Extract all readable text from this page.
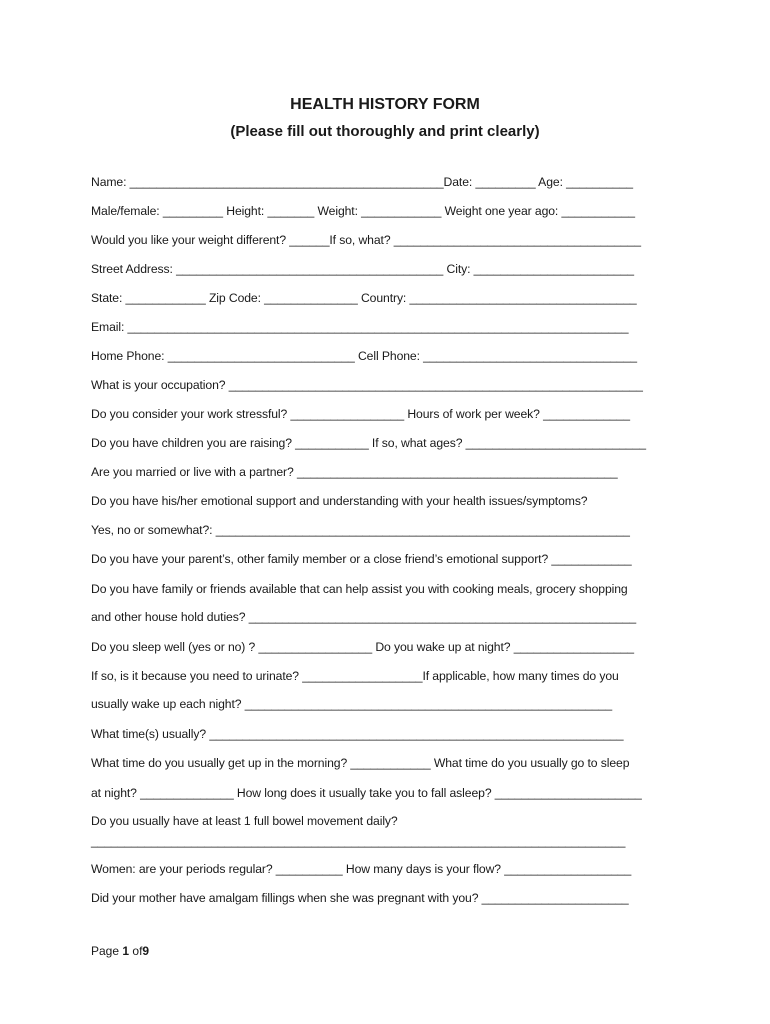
HEALTH HISTORY FORM
(Please fill out thoroughly and print clearly)
Name: _______________________________________________Date: _________ Age: __________
Male/female: _________ Height: _______ Weight: ____________ Weight one year ago: ___________
Would you like your weight different? ______If so, what? _____________________________________
Street Address: ________________________________________ City: ________________________
State: ____________ Zip Code: ______________ Country: __________________________________
Email: ___________________________________________________________________________
Home Phone: ____________________________ Cell Phone: ________________________________
What is your occupation? ______________________________________________________________
Do you consider your work stressful? _________________ Hours of work per week? _____________
Do you have children you are raising? ___________ If so, what ages? ___________________________
Are you married or live with a partner? ________________________________________________
Do you have his/her emotional support and understanding with your health issues/symptoms?
Yes, no or somewhat?: ______________________________________________________________
Do you have your parent’s, other family member or a close friend’s emotional support? ____________
Do you have family or friends available that can help assist you with cooking meals, grocery shopping
and other house hold duties? __________________________________________________________
Do you sleep well (yes or no) ? _________________ Do you wake up at night? __________________
If so, is it because you need to urinate? __________________If applicable, how many times do you
usually wake up each night? _______________________________________________________
What time(s) usually? ______________________________________________________________
What time do you usually get up in the morning? ____________ What time do you usually go to sleep
at night? ______________ How long does it usually take you to fall asleep? ______________________
Do you usually have at least 1 full bowel movement daily?
________________________________________________________________________________
Women: are your periods regular? __________ How many days is your flow? ___________________
Did your mother have amalgam fillings when she was pregnant with you? ______________________
Page 1 of9
